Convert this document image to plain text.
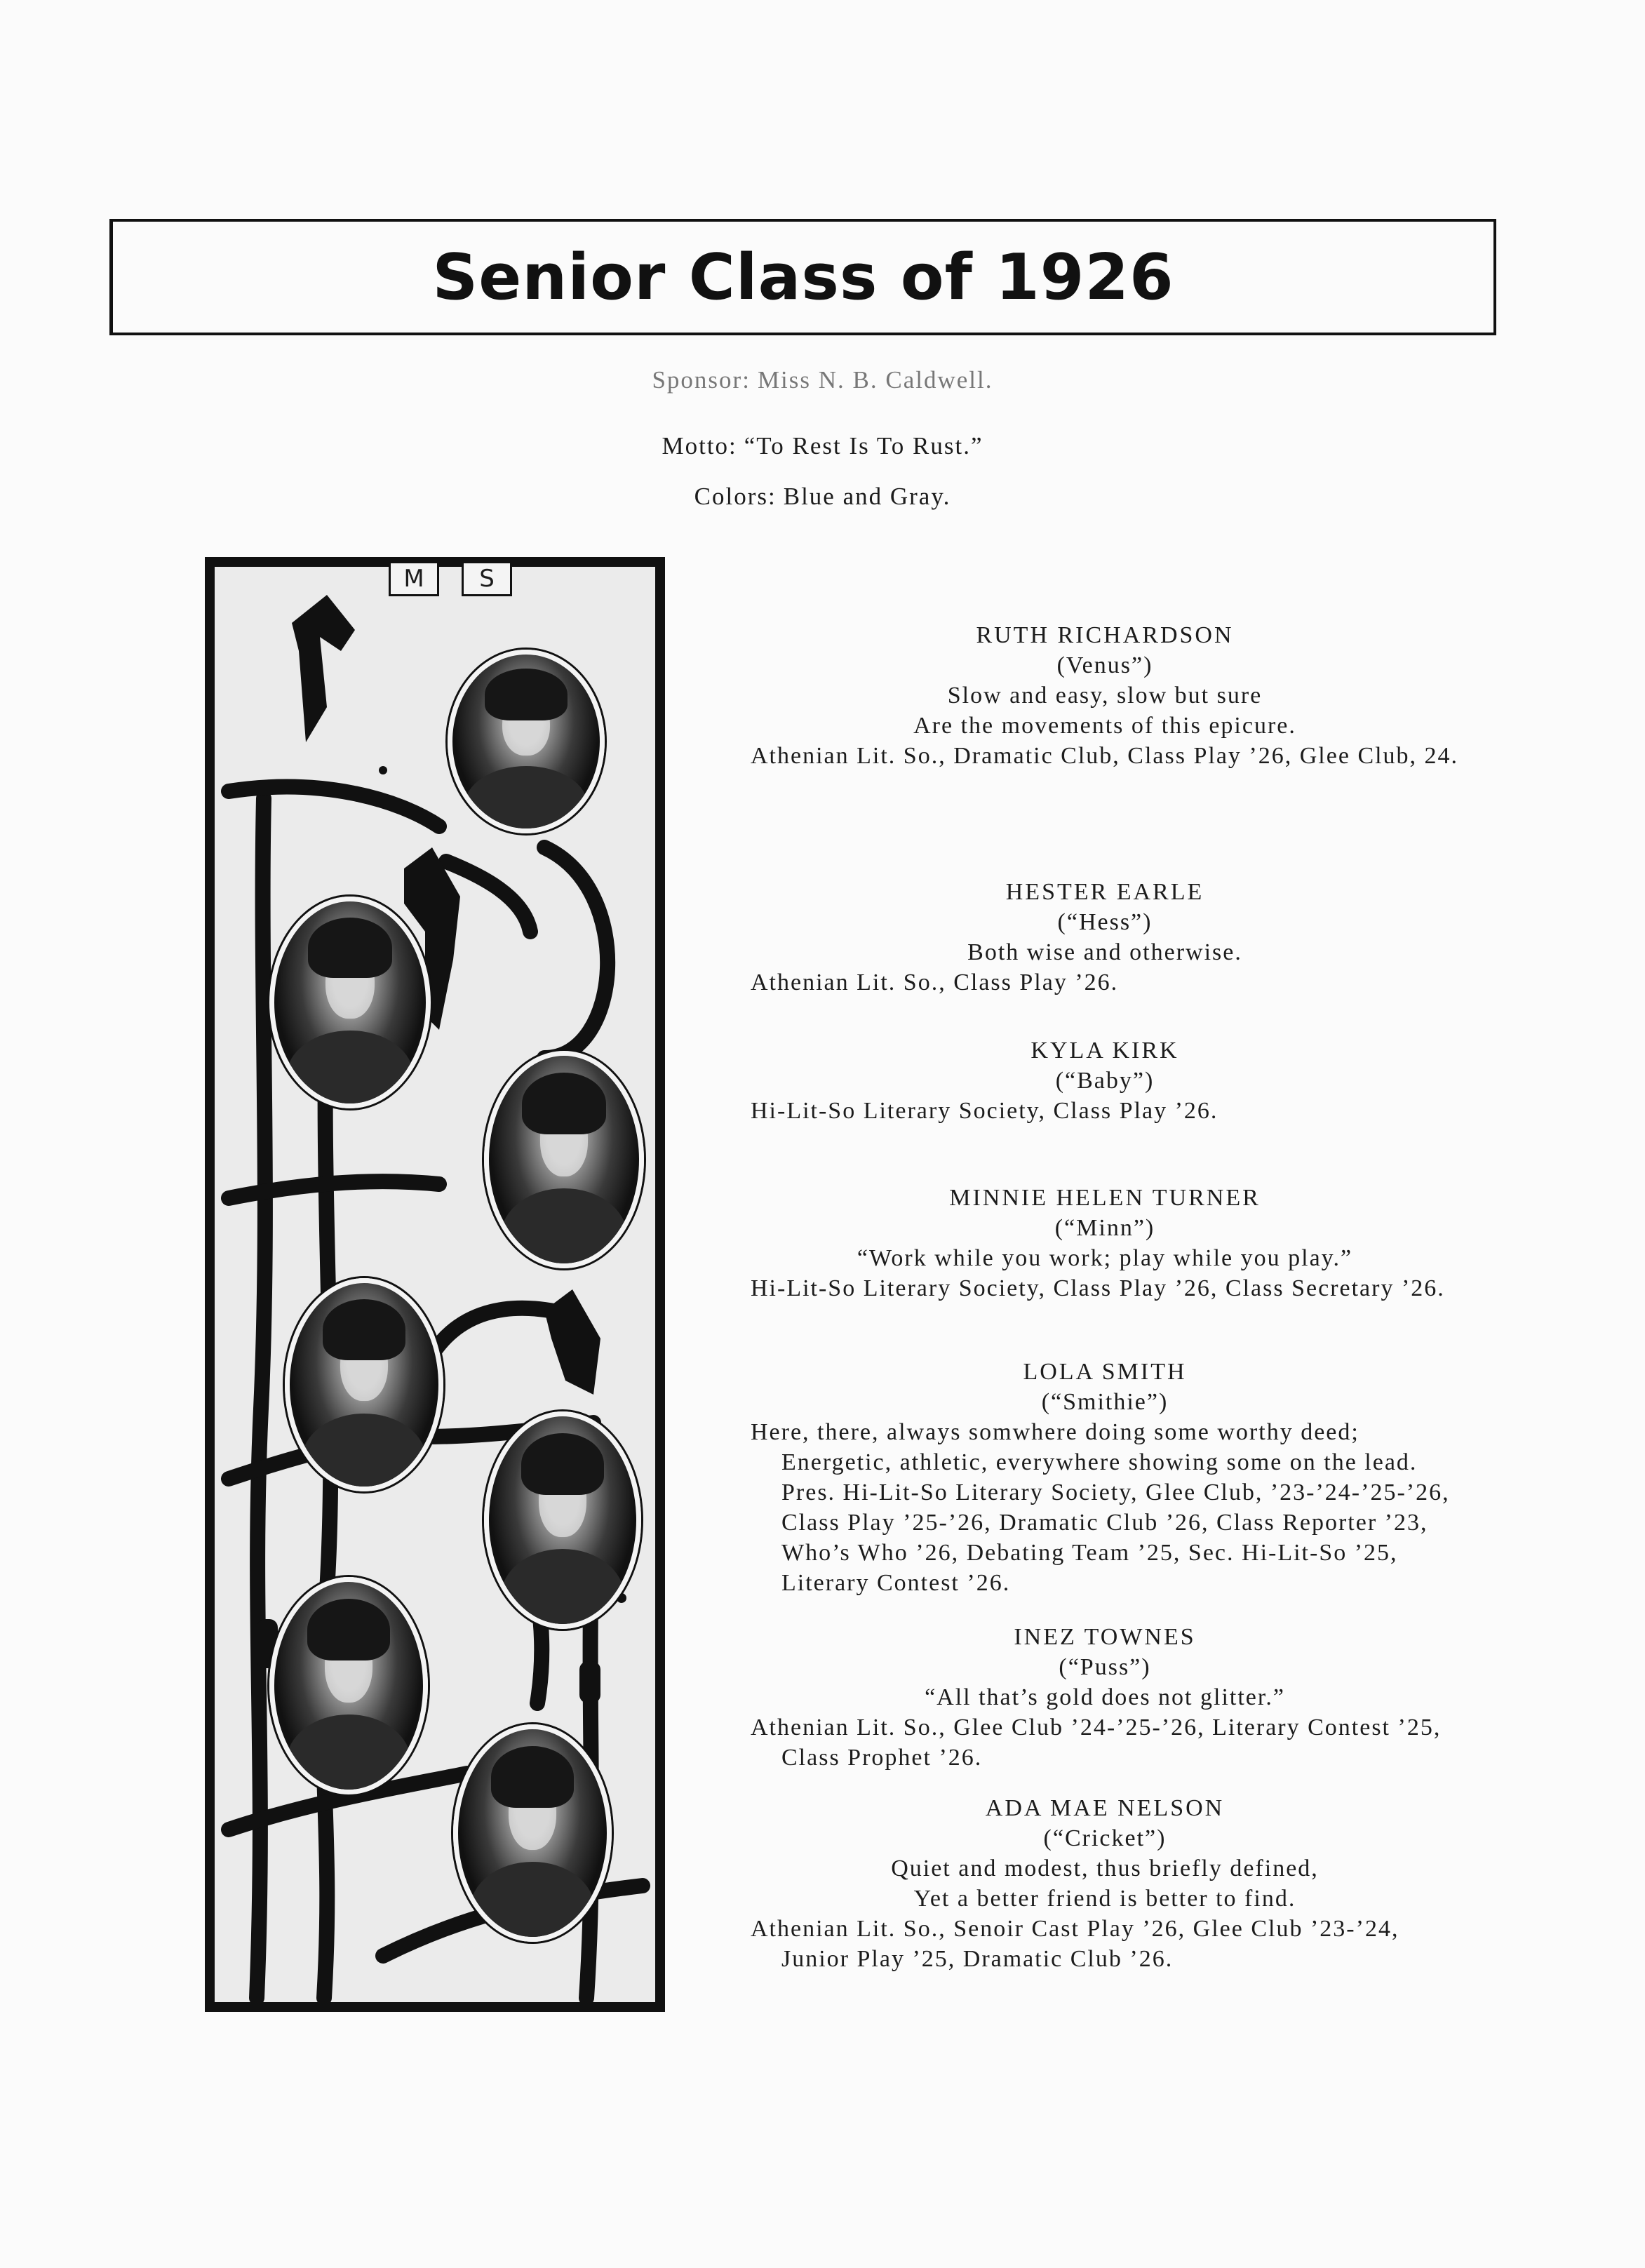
Senior Class of 1926
Sponsor: Miss N. B. Caldwell.
Motto: “To Rest Is To Rust.”
Colors: Blue and Gray.
M	S
RUTH RICHARDSON
(Venus”)
Slow and easy, slow but sure
Are the movements of this epicure.
Athenian Lit. So., Dramatic Club, Class Play ’26, Glee Club, 24.
HESTER EARLE
(“Hess”)
Both wise and otherwise.
Athenian Lit. So., Class Play ’26.
KYLA KIRK
(“Baby”)
Hi-Lit-So Literary Society, Class Play ’26.
MINNIE HELEN TURNER
(“Minn”)
“Work while you work; play while you play.”
Hi-Lit-So Literary Society, Class Play ’26, Class Secretary ’26.
LOLA SMITH
(“Smithie”)
Here, there, always somwhere doing some worthy deed; Energetic, athletic, everywhere showing some on the lead. Pres. Hi-Lit-So Literary Society, Glee Club, ’23-’24-’25-’26, Class Play ’25-’26, Dramatic Club ’26, Class Reporter ’23, Who’s Who ’26, Debating Team ’25, Sec. Hi-Lit-So ’25, Literary Contest ’26.
INEZ TOWNES
(“Puss”)
“All that’s gold does not glitter.”
Athenian Lit. So., Glee Club ’24-’25-’26, Literary Contest ’25, Class Prophet ’26.
ADA MAE NELSON
(“Cricket”)
Quiet and modest, thus briefly defined,
Yet a better friend is better to find.
Athenian Lit. So., Senoir Cast Play ’26, Glee Club ’23-’24, Junior Play ’25, Dramatic Club ’26.
